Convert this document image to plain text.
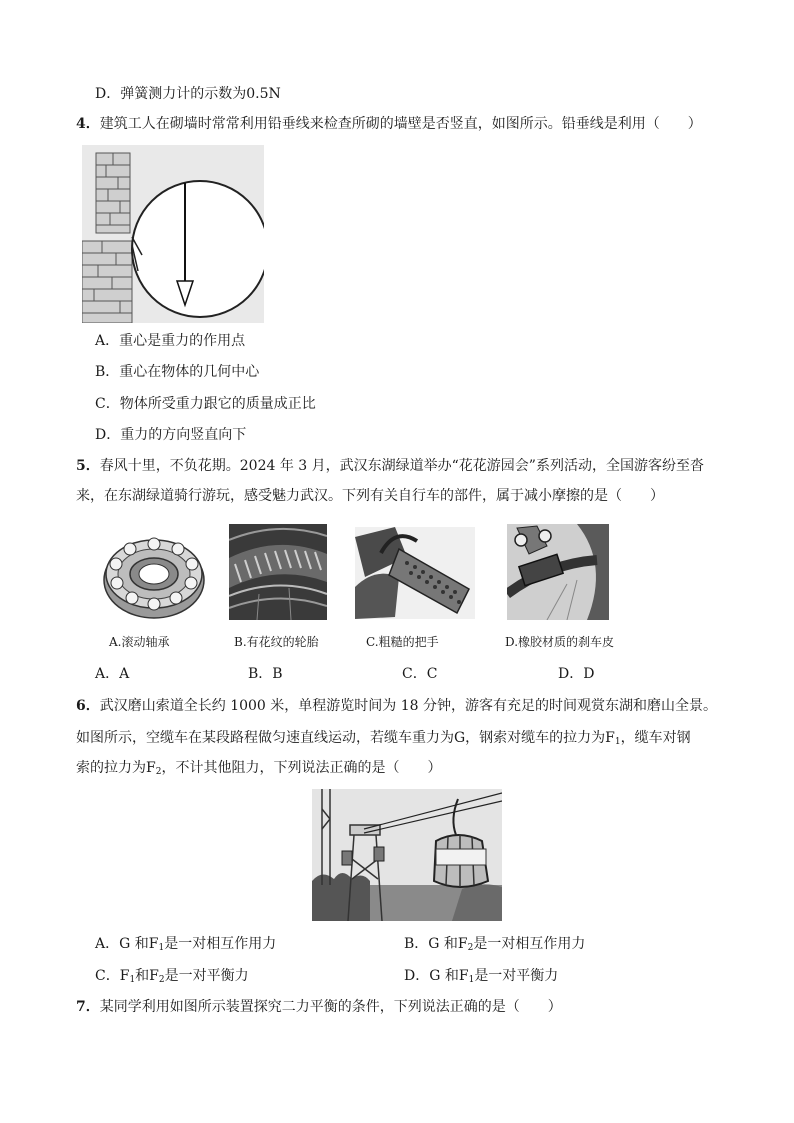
D．弹簧测力计的示数为0.5N
4．建筑工人在砌墙时常常利用铅垂线来检查所砌的墙壁是否竖直，如图所示。铅垂线是利用（　　）
A．重心是重力的作用点
B．重心在物体的几何中心
C．物体所受重力跟它的质量成正比
D．重力的方向竖直向下
5．春风十里，不负花期。2024 年 3 月，武汉东湖绿道举办“花花游园会”系列活动，全国游客纷至沓
来，在东湖绿道骑行游玩，感受魅力武汉。下列有关自行车的部件，属于减小摩擦的是（　　）
A.滚动轴承	B.有花纹的轮胎	C.粗糙的把手	D.橡胶材质的刹车皮
A．A	B．B	C．C	D．D
6．武汉磨山索道全长约 1000 米，单程游览时间为 18 分钟，游客有充足的时间观赏东湖和磨山全景。
如图所示，空缆车在某段路程做匀速直线运动，若缆车重力为G，钢索对缆车的拉力为$F_1$，缆车对钢
索的拉力为$F_2$，不计其他阻力，下列说法正确的是（　　）
A．G 和$F_1$是一对相互作用力	B．G 和$F_2$是一对相互作用力
C．$F_1$和$F_2$是一对平衡力	D．G 和$F_1$是一对平衡力
7．某同学利用如图所示装置探究二力平衡的条件，下列说法正确的是（　　）
